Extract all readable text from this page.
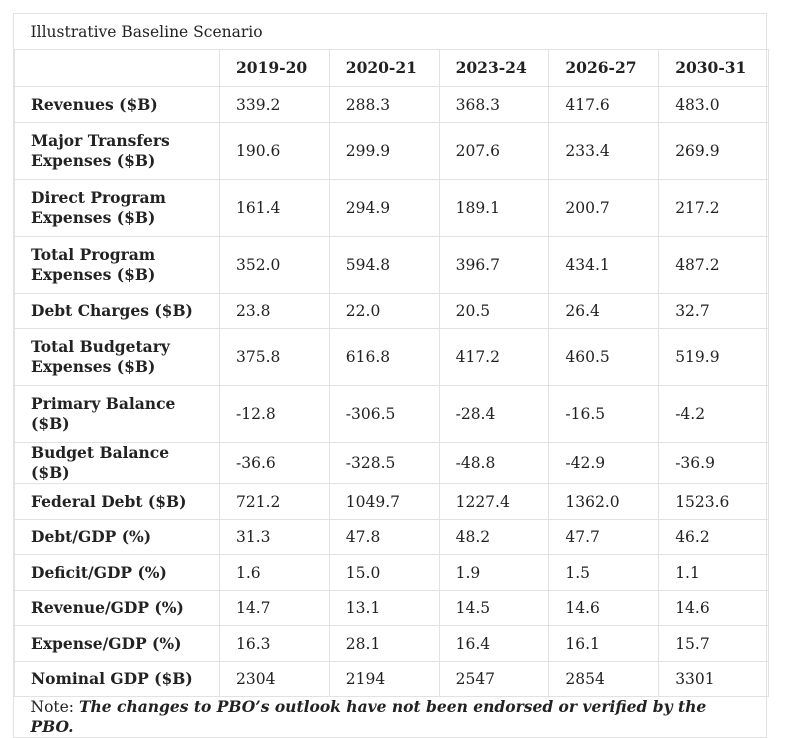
Illustrative Baseline Scenario					
	2019-20	2020-21	2023-24	2026-27	2030-31
Revenues ($B)	339.2	288.3	368.3	417.6	483.0
Major Transfers Expenses ($B)	190.6	299.9	207.6	233.4	269.9
Direct Program Expenses ($B)	161.4	294.9	189.1	200.7	217.2
Total Program Expenses ($B)	352.0	594.8	396.7	434.1	487.2
Debt Charges ($B)	23.8	22.0	20.5	26.4	32.7
Total Budgetary Expenses ($B)	375.8	616.8	417.2	460.5	519.9
Primary Balance ($B)	-12.8	-306.5	-28.4	-16.5	-4.2
Budget Balance ($B)	-36.6	-328.5	-48.8	-42.9	-36.9
Federal Debt ($B)	721.2	1049.7	1227.4	1362.0	1523.6
Debt/GDP (%)	31.3	47.8	48.2	47.7	46.2
Deficit/GDP (%)	1.6	15.0	1.9	1.5	1.1
Revenue/GDP (%)	14.7	13.1	14.5	14.6	14.6
Expense/GDP (%)	16.3	28.1	16.4	16.1	15.7
Nominal GDP ($B)	2304	2194	2547	2854	3301
Note: The changes to PBO’s outlook have not been endorsed or verified by the PBO.					
